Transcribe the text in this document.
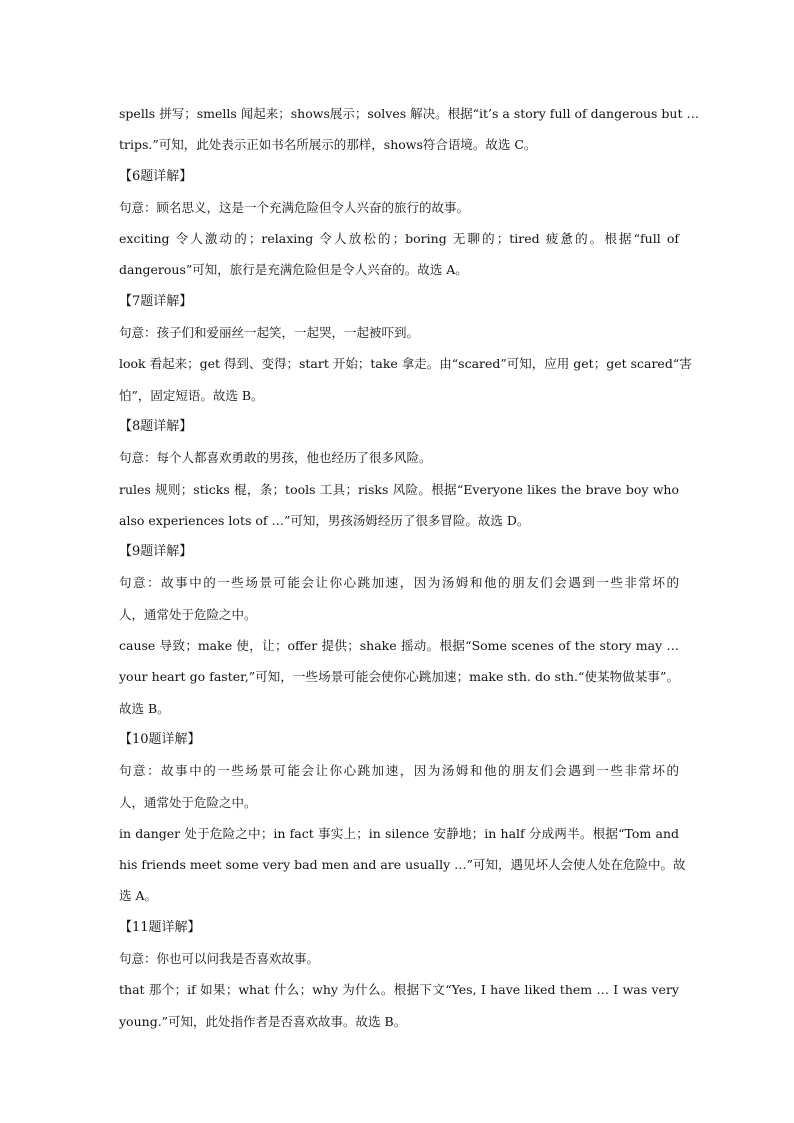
spells 拼写；smells 闻起来；shows展示；solves 解决。根据“it’s a story full of dangerous but …
trips.”可知，此处表示正如书名所展示的那样，shows符合语境。故选 C。
【6题详解】
句意：顾名思义，这是一个充满危险但令人兴奋的旅行的故事。
exciting 令人激动的；relaxing 令人放松的；boring 无聊的；tired 疲惫的。根据“full of
dangerous”可知，旅行是充满危险但是令人兴奋的。故选 A。
【7题详解】
句意：孩子们和爱丽丝一起笑，一起哭，一起被吓到。
look 看起来；get 得到、变得；start 开始；take 拿走。由“scared”可知，应用 get；get scared“害
怕”，固定短语。故选 B。
【8题详解】
句意：每个人都喜欢勇敢的男孩，他也经历了很多风险。
rules 规则；sticks 棍，条；tools 工具；risks 风险。根据“Everyone likes the brave boy who
also experiences lots of …”可知，男孩汤姆经历了很多冒险。故选 D。
【9题详解】
句意：故事中的一些场景可能会让你心跳加速，因为汤姆和他的朋友们会遇到一些非常坏的
人，通常处于危险之中。
cause 导致；make 使，让；offer 提供；shake 摇动。根据“Some scenes of the story may …
your heart go faster,”可知，一些场景可能会使你心跳加速；make sth. do sth.“使某物做某事”。
故选 B。
【10题详解】
句意：故事中的一些场景可能会让你心跳加速，因为汤姆和他的朋友们会遇到一些非常坏的
人，通常处于危险之中。
in danger 处于危险之中；in fact 事实上；in silence 安静地；in half 分成两半。根据“Tom and
his friends meet some very bad men and are usually …”可知，遇见坏人会使人处在危险中。故
选 A。
【11题详解】
句意：你也可以问我是否喜欢故事。
that 那个；if 如果；what 什么；why 为什么。根据下文“Yes, I have liked them … I was very
young.”可知，此处指作者是否喜欢故事。故选 B。
